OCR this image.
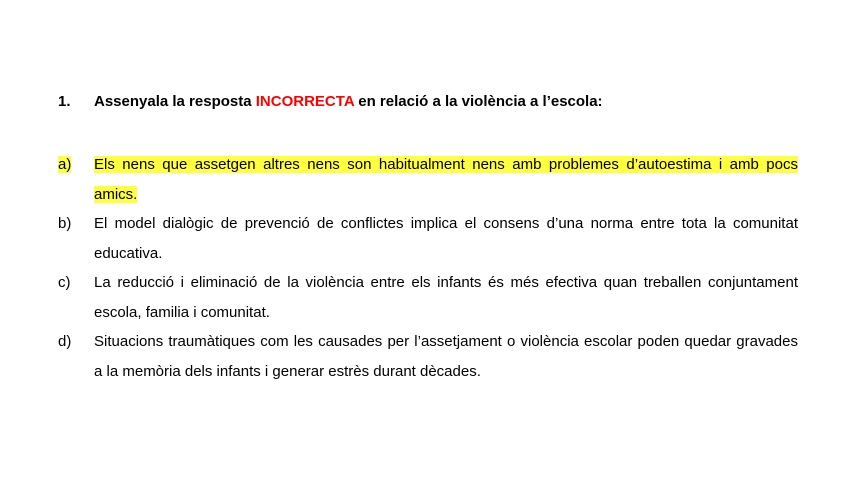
1.	Assenyala la resposta INCORRECTA en relació a la violència a l’escola:
a)	Els nens que assetgen altres nens son habitualment nens amb problemes d’autoestima i amb pocs amics.
b)	El model dialògic de prevenció de conflictes implica el consens d’una norma entre tota la comunitat educativa.
c)	La reducció i eliminació de la violència entre els infants és més efectiva quan treballen conjuntament escola, familia i comunitat.
d)	Situacions traumàtiques com les causades per l’assetjament o violència escolar poden quedar gravades a la memòria dels infants i generar estrès durant dècades.
